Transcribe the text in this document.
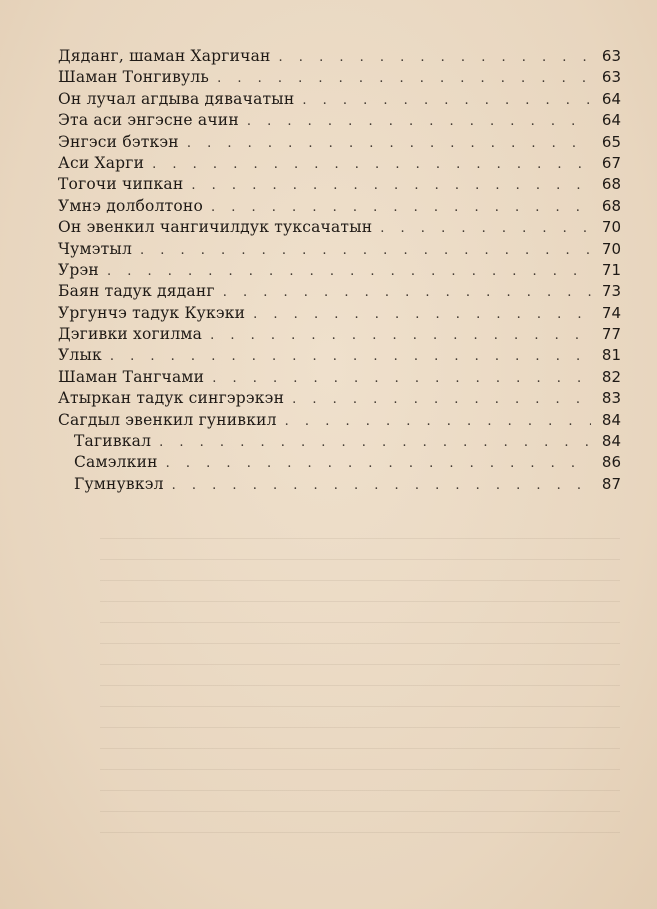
Дяданг, шаман Харгичан . . .	63
Шаман Тонгивуль . . .	63
Он лучал агдыва дявачатын . . .	64
Эта аси энгэсне ачин . . .	64
Энгэси бэткэн . . .	65
Аси Харги . . .	67
Тогочи чипкан . . .	68
Умнэ долболтоно . . .	68
Он эвенкил чангичилдук туксачатын . . .	70
Чумэтыл . . .	70
Урэн . . .	71
Баян тадук дяданг . . .	73
Ургунчэ тадук Кукэки . . .	74
Дэгивки хогилма . . .	77
Улык . . .	81
Шаман Тангчами . . .	82
Атыркан тадук сингэрэкэн . . .	83
Сагдыл эвенкил гунивкил . . .	84
Тагивкал . . .	84
Самэлкин . . .	86
Гумнувкэл . . .	87
